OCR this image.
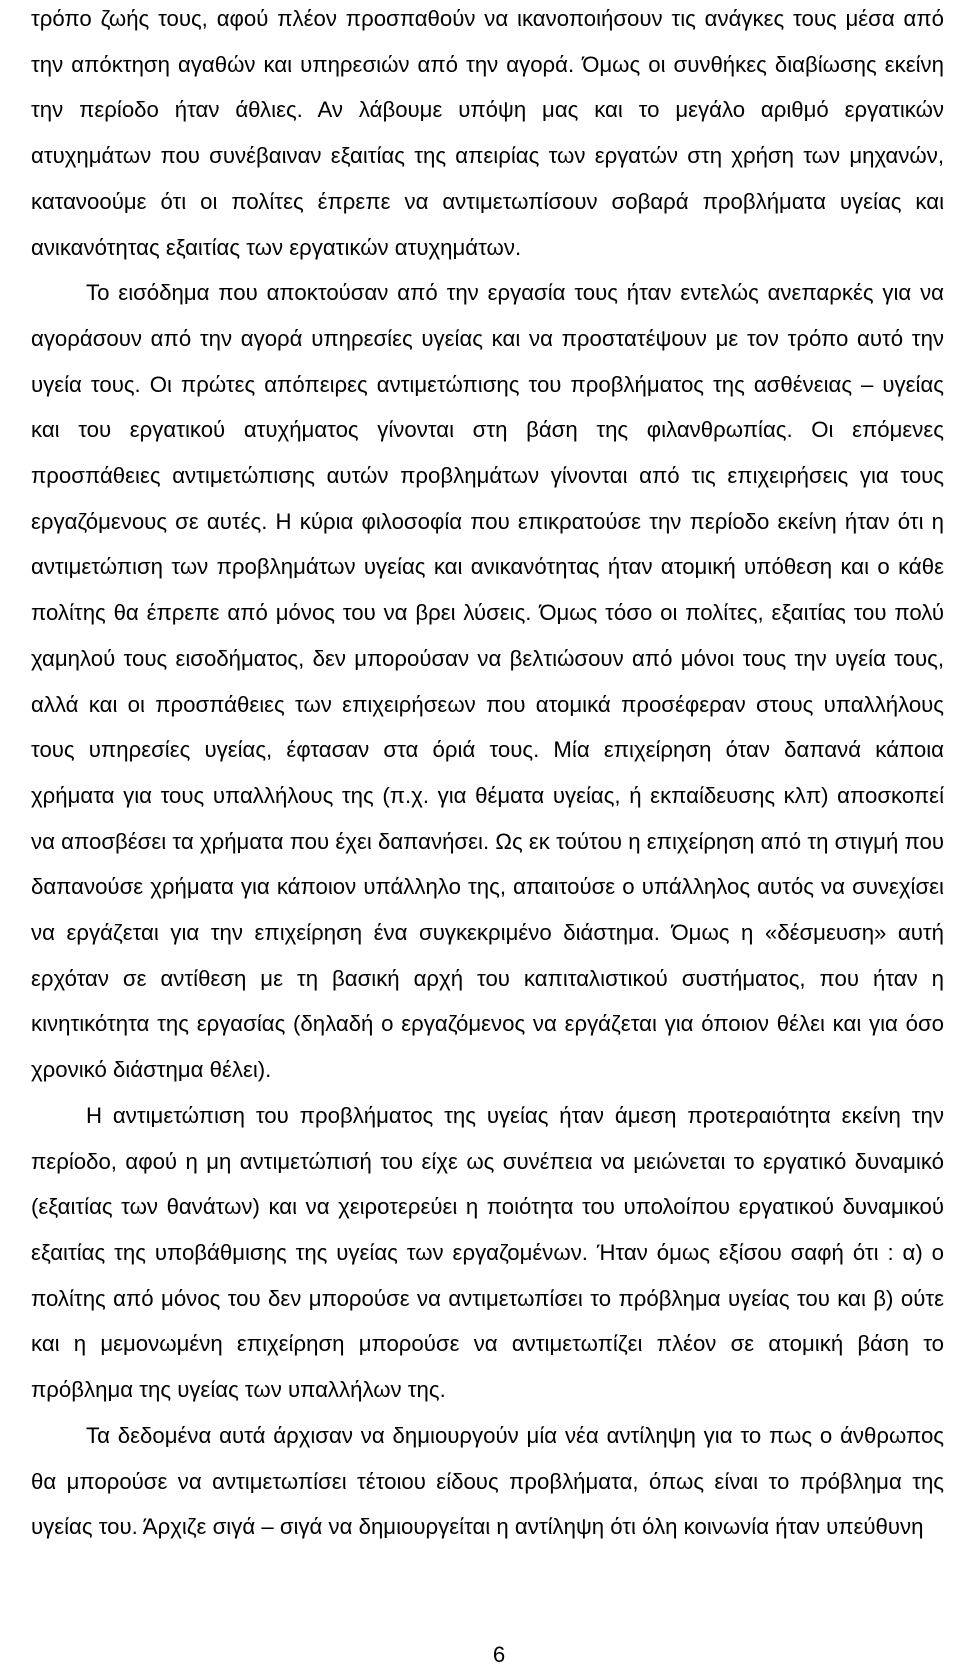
τρόπο ζωής τους, αφού πλέον προσπαθούν να ικανοποιήσουν τις ανάγκες τους μέσα από την απόκτηση αγαθών και υπηρεσιών από την αγορά. Όμως οι συνθήκες διαβίωσης εκείνη την περίοδο ήταν άθλιες. Αν λάβουμε υπόψη μας και το μεγάλο αριθμό εργατικών ατυχημάτων που συνέβαιναν εξαιτίας της απειρίας των εργατών στη χρήση των μηχανών, κατανοούμε ότι οι πολίτες έπρεπε να αντιμετωπίσουν σοβαρά προβλήματα υγείας και ανικανότητας εξαιτίας των εργατικών ατυχημάτων.

Το εισόδημα που αποκτούσαν από την εργασία τους ήταν εντελώς ανεπαρκές για να αγοράσουν από την αγορά υπηρεσίες υγείας και να προστατέψουν με τον τρόπο αυτό την υγεία τους. Οι πρώτες απόπειρες αντιμετώπισης του προβλήματος της ασθένειας – υγείας και του εργατικού ατυχήματος γίνονται στη βάση της φιλανθρωπίας. Οι επόμενες προσπάθειες αντιμετώπισης αυτών προβλημάτων γίνονται από τις επιχειρήσεις για τους εργαζόμενους σε αυτές. Η κύρια φιλοσοφία που επικρατούσε την περίοδο εκείνη ήταν ότι η αντιμετώπιση των προβλημάτων υγείας και ανικανότητας ήταν ατομική υπόθεση και ο κάθε πολίτης θα έπρεπε από μόνος του να βρει λύσεις. Όμως τόσο οι πολίτες, εξαιτίας του πολύ χαμηλού τους εισοδήματος, δεν μπορούσαν να βελτιώσουν από μόνοι τους την υγεία τους, αλλά και οι προσπάθειες των επιχειρήσεων που ατομικά προσέφεραν στους υπαλλήλους τους υπηρεσίες υγείας, έφτασαν στα όριά τους. Μία επιχείρηση όταν δαπανά κάποια χρήματα για τους υπαλλήλους της (π.χ. για θέματα υγείας, ή εκπαίδευσης κλπ) αποσκοπεί να αποσβέσει τα χρήματα που έχει δαπανήσει. Ως εκ τούτου η επιχείρηση από τη στιγμή που δαπανούσε χρήματα για κάποιον υπάλληλο της, απαιτούσε ο υπάλληλος αυτός να συνεχίσει να εργάζεται για την επιχείρηση ένα συγκεκριμένο διάστημα. Όμως η «δέσμευση» αυτή ερχόταν σε αντίθεση με τη βασική αρχή του καπιταλιστικού συστήματος, που ήταν η κινητικότητα της εργασίας (δηλαδή ο εργαζόμενος να εργάζεται για όποιον θέλει και για όσο χρονικό διάστημα θέλει).

Η αντιμετώπιση του προβλήματος της υγείας ήταν άμεση προτεραιότητα εκείνη την περίοδο, αφού η μη αντιμετώπισή του είχε ως συνέπεια να μειώνεται το εργατικό δυναμικό (εξαιτίας των θανάτων) και να χειροτερεύει η ποιότητα του υπολοίπου εργατικού δυναμικού εξαιτίας της υποβάθμισης της υγείας των εργαζομένων. Ήταν όμως εξίσου σαφή ότι : α) ο πολίτης από μόνος του δεν μπορούσε να αντιμετωπίσει το πρόβλημα υγείας του και β) ούτε και η μεμονωμένη επιχείρηση μπορούσε να αντιμετωπίζει πλέον σε ατομική βάση το πρόβλημα της υγείας των υπαλλήλων της.

Τα δεδομένα αυτά άρχισαν να δημιουργούν μία νέα αντίληψη για το πως ο άνθρωπος θα μπορούσε να αντιμετωπίσει τέτοιου είδους προβλήματα, όπως είναι το πρόβλημα της υγείας του. Άρχιζε σιγά – σιγά να δημιουργείται η αντίληψη ότι όλη κοινωνία ήταν υπεύθυνη

6
